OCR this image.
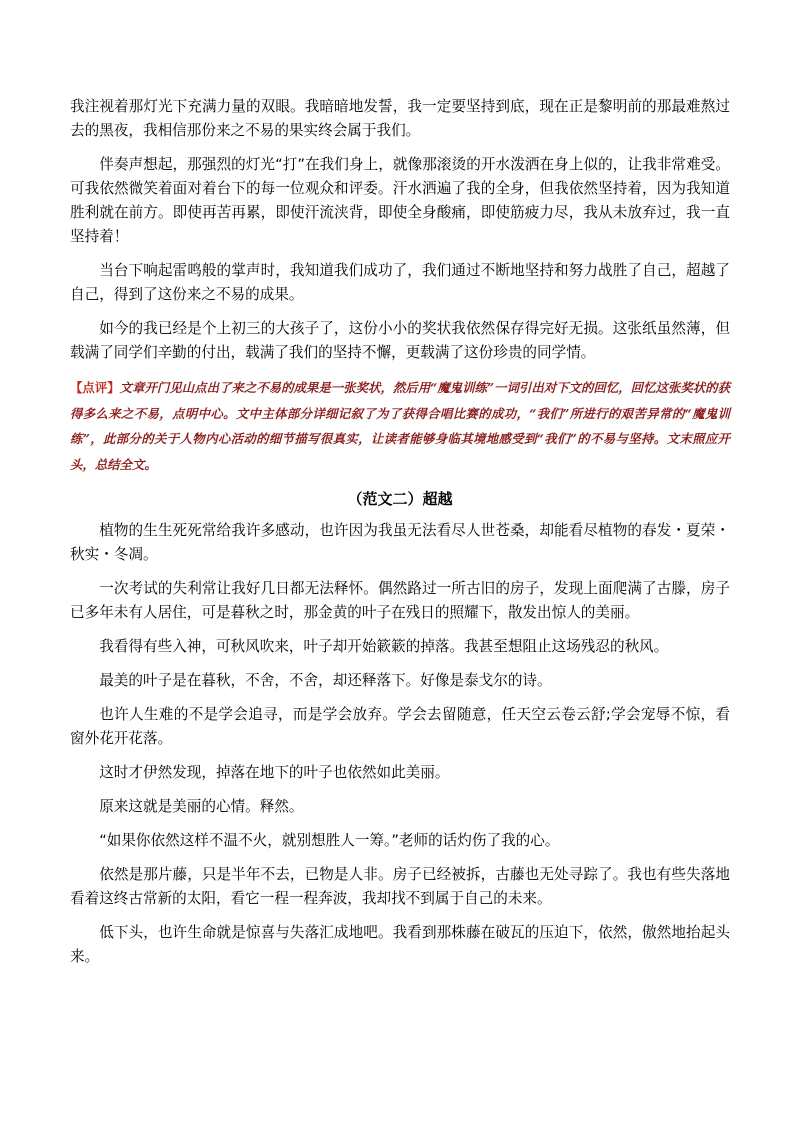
我注视着那灯光下充满力量的双眼。我暗暗地发誓，我一定要坚持到底，现在正是黎明前的那最难熬过去的黑夜，我相信那份来之不易的果实终会属于我们。

伴奏声想起，那强烈的灯光“打”在我们身上，就像那滚烫的开水泼洒在身上似的，让我非常难受。可我依然微笑着面对着台下的每一位观众和评委。汗水洒遍了我的全身，但我依然坚持着，因为我知道胜利就在前方。即使再苦再累，即使汗流浃背，即使全身酸痛，即使筋疲力尽，我从未放弃过，我一直坚持着！

当台下响起雷鸣般的掌声时，我知道我们成功了，我们通过不断地坚持和努力战胜了自己，超越了自己，得到了这份来之不易的成果。

如今的我已经是个上初三的大孩子了，这份小小的奖状我依然保存得完好无损。这张纸虽然薄，但载满了同学们辛勤的付出，载满了我们的坚持不懈，更载满了这份珍贵的同学情。

【点评】文章开门见山点出了来之不易的成果是一张奖状，然后用“魔鬼训练”一词引出对下文的回忆，回忆这张奖状的获得多么来之不易，点明中心。文中主体部分详细记叙了为了获得合唱比赛的成功，“我们”所进行的艰苦异常的“魔鬼训练”，此部分的关于人物内心活动的细节描写很真实，让读者能够身临其境地感受到“我们”的不易与坚持。文末照应开头，总结全文。

（范文二）超越

植物的生生死死常给我许多感动，也许因为我虽无法看尽人世苍桑，却能看尽植物的春发・夏荣・秋实・冬凋。

一次考试的失利常让我好几日都无法释怀。偶然路过一所古旧的房子，发现上面爬满了古滕，房子已多年未有人居住，可是暮秋之时，那金黄的叶子在残日的照耀下，散发出惊人的美丽。

我看得有些入神，可秋风吹来，叶子却开始簌簌的掉落。我甚至想阻止这场残忍的秋风。

最美的叶子是在暮秋，不舍，不舍，却还释落下。好像是泰戈尔的诗。

也许人生难的不是学会追寻，而是学会放弃。学会去留随意，任天空云卷云舒;学会宠辱不惊，看窗外花开花落。

这时才伊然发现，掉落在地下的叶子也依然如此美丽。

原来这就是美丽的心情。释然。

“如果你依然这样不温不火，就别想胜人一筹。”老师的话灼伤了我的心。

依然是那片藤，只是半年不去，已物是人非。房子已经被拆，古藤也无处寻踪了。我也有些失落地看着这终古常新的太阳，看它一程一程奔波，我却找不到属于自己的未来。

低下头，也许生命就是惊喜与失落汇成地吧。我看到那株藤在破瓦的压迫下，依然，傲然地抬起头来。
